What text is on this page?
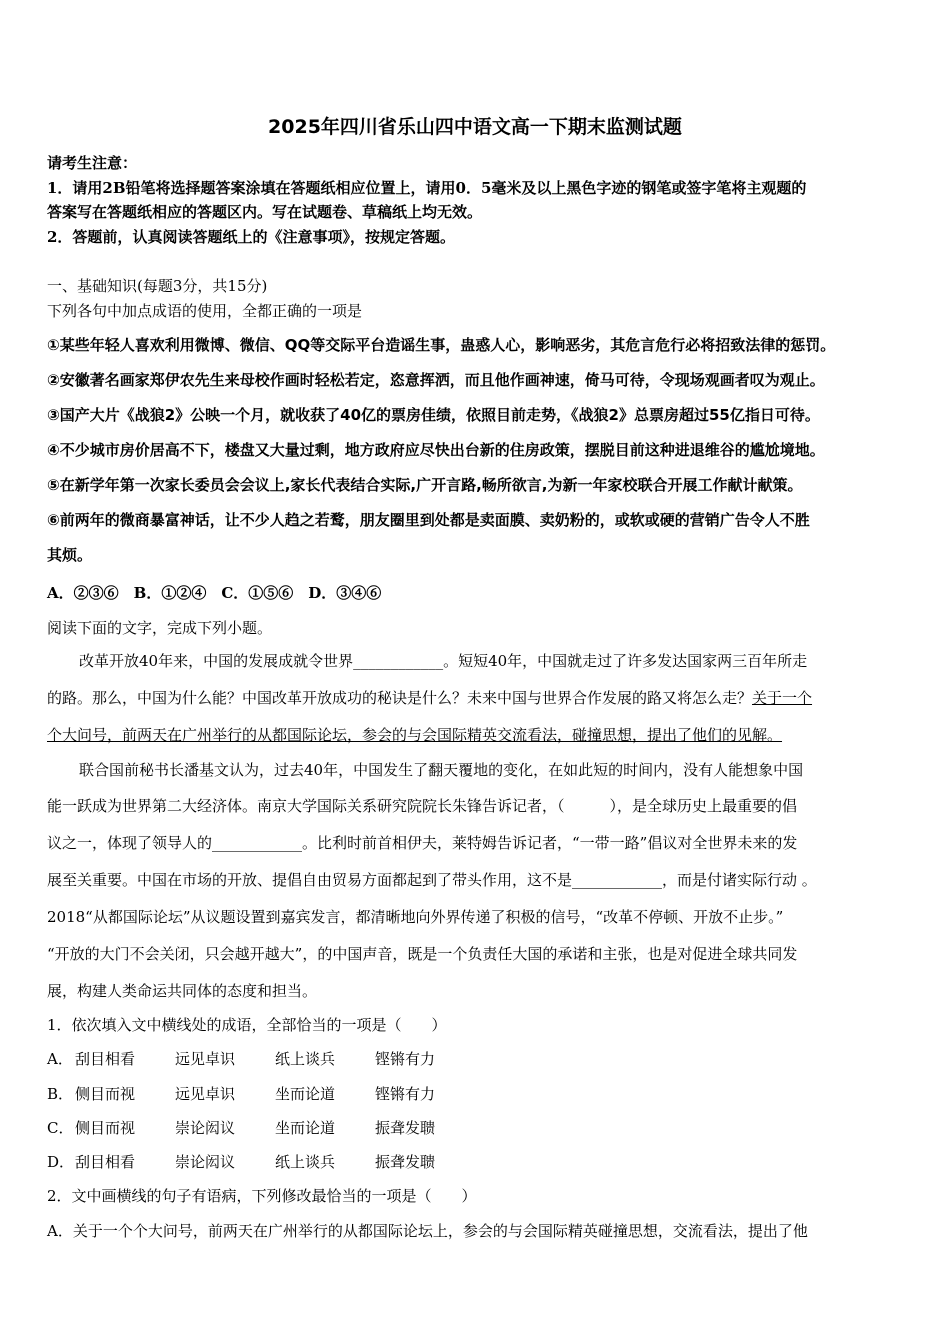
2025年四川省乐山四中语文高一下期末监测试题
请考生注意：
1．请用2B铅笔将选择题答案涂填在答题纸相应位置上，请用0．5毫米及以上黑色字迹的钢笔或签字笔将主观题的
答案写在答题纸相应的答题区内。写在试题卷、草稿纸上均无效。
2．答题前，认真阅读答题纸上的《注意事项》，按规定答题。
一、基础知识(每题3分，共15分)
下列各句中加点成语的使用，全都正确的一项是
①某些年轻人喜欢利用微博、微信、QQ等交际平台造谣生事，蛊惑人心，影响恶劣，其危言危行必将招致法律的惩罚。
②安徽著名画家郑伊农先生来母校作画时轻松若定，恣意挥洒，而且他作画神速，倚马可待，令现场观画者叹为观止。
③国产大片《战狼2》公映一个月，就收获了40亿的票房佳绩，依照目前走势，《战狼2》总票房超过55亿指日可待。
④不少城市房价居高不下，楼盘又大量过剩，地方政府应尽快出台新的住房政策，摆脱目前这种进退维谷的尴尬境地。
⑤在新学年第一次家长委员会会议上,家长代表结合实际,广开言路,畅所欲言,为新一年家校联合开展工作献计献策。
⑥前两年的微商暴富神话，让不少人趋之若鹜，朋友圈里到处都是卖面膜、卖奶粉的，或软或硬的营销广告令人不胜
其烦。
A．②③⑥　B．①②④　C．①⑤⑥　D．③④⑥
阅读下面的文字，完成下列小题。
改革开放40年来，中国的发展成就令世界____________。短短40年，中国就走过了许多发达国家两三百年所走
的路。那么，中国为什么能？中国改革开放成功的秘诀是什么？未来中国与世界合作发展的路又将怎么走？关于一个
个大问号，前两天在广州举行的从都国际论坛，参会的与会国际精英交流看法，碰撞思想，提出了他们的见解。
联合国前秘书长潘基文认为，过去40年，中国发生了翻天覆地的变化，在如此短的时间内，没有人能想象中国
能一跃成为世界第二大经济体。南京大学国际关系研究院院长朱锋告诉记者，（　　　），是全球历史上最重要的倡
议之一，体现了领导人的____________。比利时前首相伊夫，莱特姆告诉记者，“一带一路”倡议对全世界未来的发
展至关重要。中国在市场的开放、提倡自由贸易方面都起到了带头作用，这不是____________，而是付诸实际行动 。
2018“从都国际论坛”从议题设置到嘉宾发言，都清晰地向外界传递了积极的信号，“改革不停顿、开放不止步。”
“开放的大门不会关闭，只会越开越大”，的中国声音，既是一个负责任大国的承诺和主张，也是对促进全球共同发
展，构建人类命运共同体的态度和担当。
1．依次填入文中横线处的成语，全部恰当的一项是（　　）
A． 刮目相看	远见卓识	纸上谈兵	铿锵有力
B． 侧目而视	远见卓识	坐而论道	铿锵有力
C． 侧目而视	崇论闳议	坐而论道	振聋发聩
D．刮目相看	崇论闳议	纸上谈兵	振聋发聩
2．文中画横线的句子有语病，下列修改最恰当的一项是（　　）
A．关于一个个大问号，前两天在广州举行的从都国际论坛上，参会的与会国际精英碰撞思想，交流看法，提出了他
